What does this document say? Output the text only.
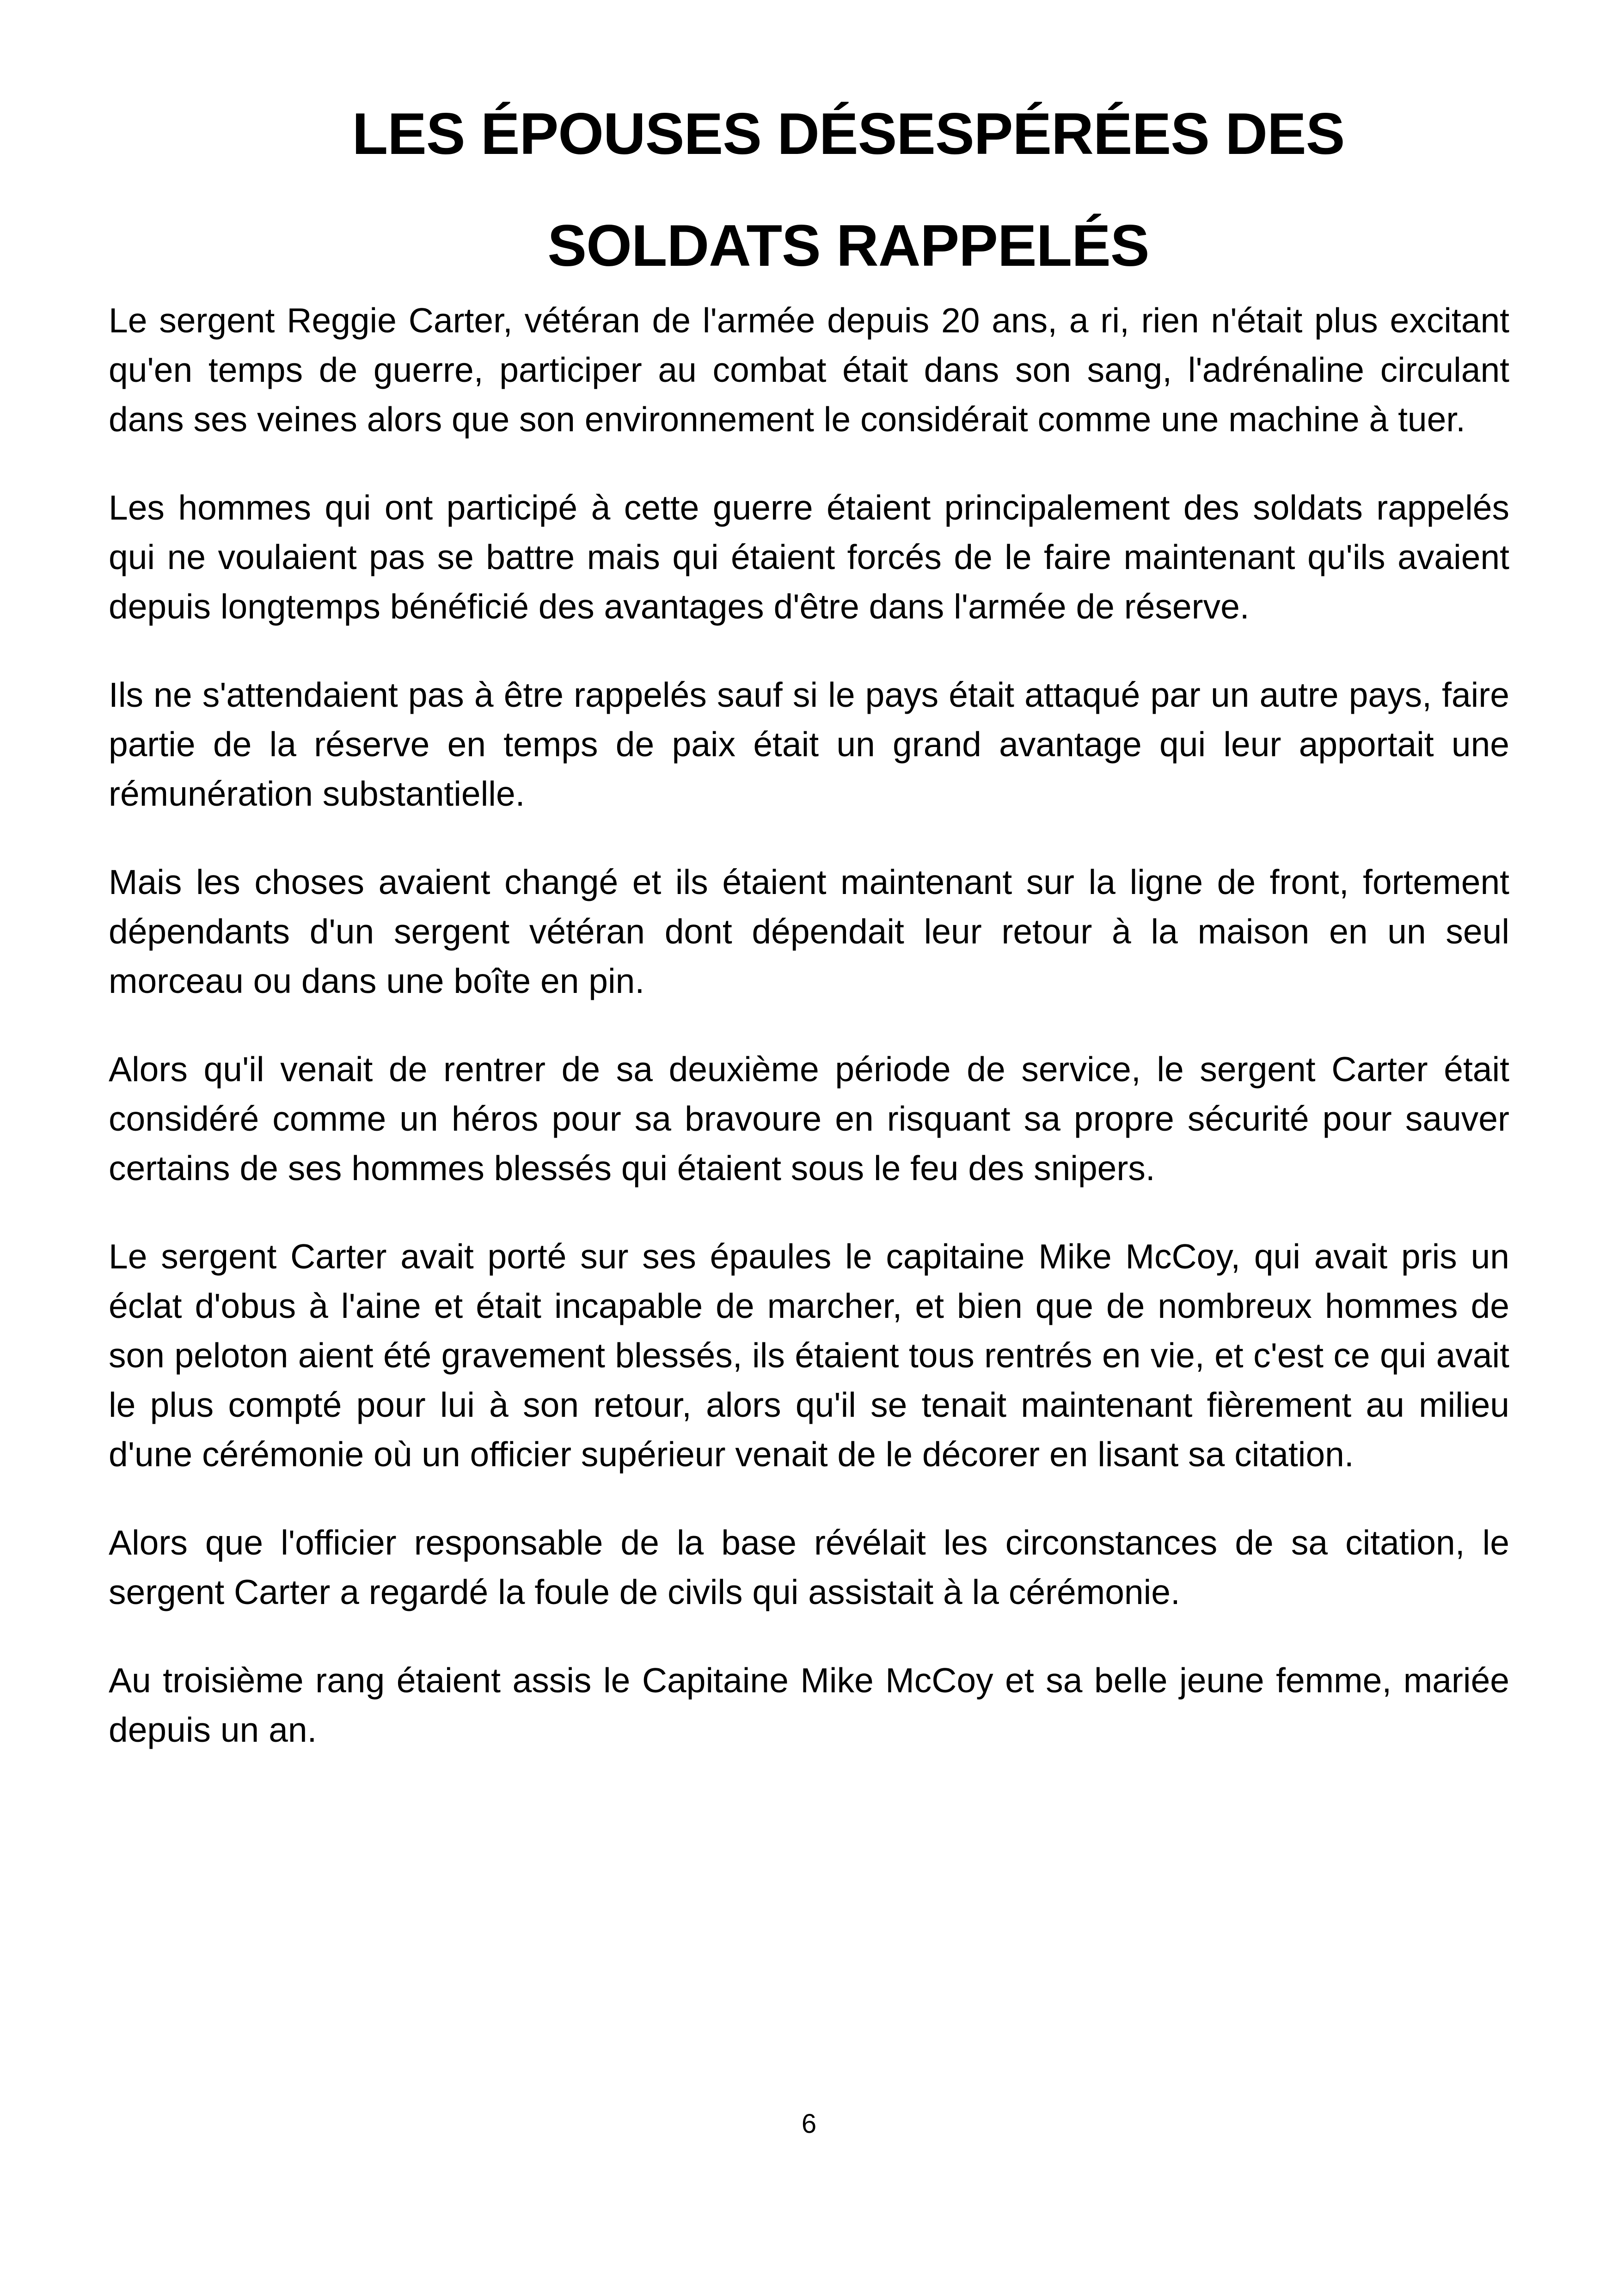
LES ÉPOUSES DÉSESPÉRÉES DES SOLDATS RAPPELÉS

Le sergent Reggie Carter, vétéran de l'armée depuis 20 ans, a ri, rien n'était plus excitant qu'en temps de guerre, participer au combat était dans son sang, l'adrénaline circulant dans ses veines alors que son environnement le considérait comme une machine à tuer.

Les hommes qui ont participé à cette guerre étaient principalement des soldats rappelés qui ne voulaient pas se battre mais qui étaient forcés de le faire maintenant qu'ils avaient depuis longtemps bénéficié des avantages d'être dans l'armée de réserve.

Ils ne s'attendaient pas à être rappelés sauf si le pays était attaqué par un autre pays, faire partie de la réserve en temps de paix était un grand avantage qui leur apportait une rémunération substantielle.

Mais les choses avaient changé et ils étaient maintenant sur la ligne de front, fortement dépendants d'un sergent vétéran dont dépendait leur retour à la maison en un seul morceau ou dans une boîte en pin.

Alors qu'il venait de rentrer de sa deuxième période de service, le sergent Carter était considéré comme un héros pour sa bravoure en risquant sa propre sécurité pour sauver certains de ses hommes blessés qui étaient sous le feu des snipers.

Le sergent Carter avait porté sur ses épaules le capitaine Mike McCoy, qui avait pris un éclat d'obus à l'aine et était incapable de marcher, et bien que de nombreux hommes de son peloton aient été gravement blessés, ils étaient tous rentrés en vie, et c'est ce qui avait le plus compté pour lui à son retour, alors qu'il se tenait maintenant fièrement au milieu d'une cérémonie où un officier supérieur venait de le décorer en lisant sa citation.

Alors que l'officier responsable de la base révélait les circonstances de sa citation, le sergent Carter a regardé la foule de civils qui assistait à la cérémonie.

Au troisième rang étaient assis le Capitaine Mike McCoy et sa belle jeune femme, mariée depuis un an.

6
